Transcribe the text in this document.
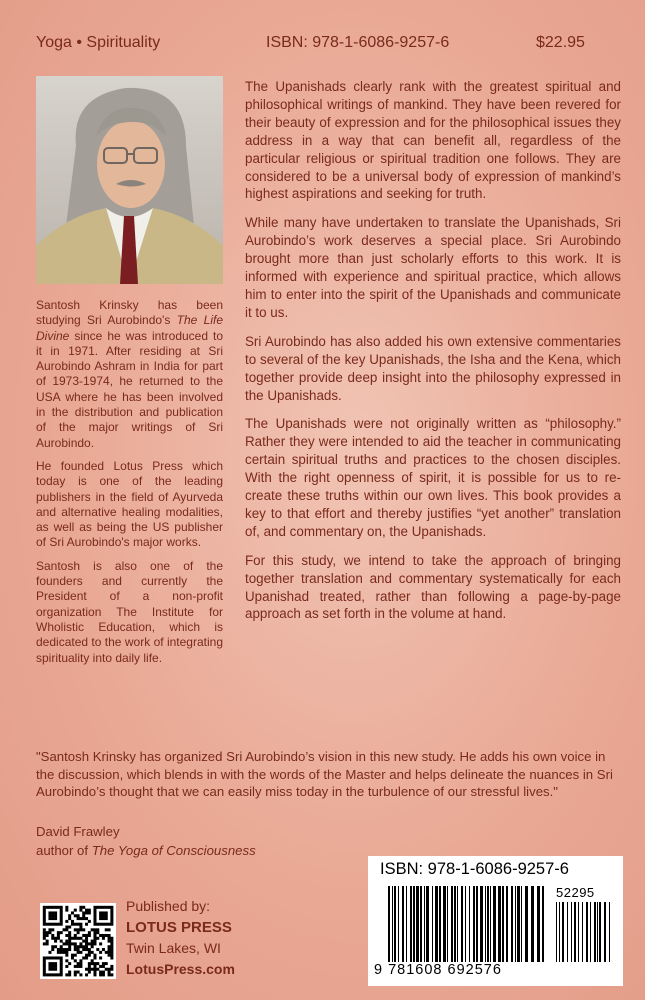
Yoga • Spirituality	ISBN: 978-1-6086-9257-6	$22.95

Santosh Krinsky has been studying Sri Aurobindo's The Life Divine since he was introduced to it in 1971. After residing at Sri Aurobindo Ashram in India for part of 1973-1974, he returned to the USA where he has been involved in the distribution and publication of the major writings of Sri Aurobindo.

He founded Lotus Press which today is one of the leading publishers in the field of Ayurveda and alternative healing modalities, as well as being the US publisher of Sri Aurobindo's major works.

Santosh is also one of the founders and currently the President of a non-profit organization The Institute for Wholistic Education, which is dedicated to the work of integrating spirituality into daily life.

The Upanishads clearly rank with the greatest spiritual and philosophical writings of mankind. They have been revered for their beauty of expression and for the philosophical issues they address in a way that can benefit all, regardless of the particular religious or spiritual tradition one follows. They are considered to be a universal body of expression of mankind’s highest aspirations and seeking for truth.

While many have undertaken to translate the Upanishads, Sri Aurobindo’s work deserves a special place. Sri Aurobindo brought more than just scholarly efforts to this work. It is informed with experience and spiritual practice, which allows him to enter into the spirit of the Upanishads and communicate it to us.

Sri Aurobindo has also added his own extensive commentaries to several of the key Upanishads, the Isha and the Kena, which together provide deep insight into the philosophy expressed in the Upanishads.

The Upanishads were not originally written as “philosophy.” Rather they were intended to aid the teacher in communicating certain spiritual truths and practices to the chosen disciples. With the right openness of spirit, it is possible for us to re-create these truths within our own lives. This book provides a key to that effort and thereby justifies “yet another” translation of, and commentary on, the Upanishads.

For this study, we intend to take the approach of bringing together translation and commentary systematically for each Upanishad treated, rather than following a page-by-page approach as set forth in the volume at hand.

"Santosh Krinsky has organized Sri Aurobindo’s vision in this new study. He adds his own voice in the discussion, which blends in with the words of the Master and helps delineate the nuances in Sri Aurobindo’s thought that we can easily miss today in the turbulence of our stressful lives."
David Frawley
author of The Yoga of Consciousness
Published by:
LOTUS PRESS
Twin Lakes, WI
LotusPress.com
ISBN: 978-1-6086-9257-6
52295
9 781608 692576
